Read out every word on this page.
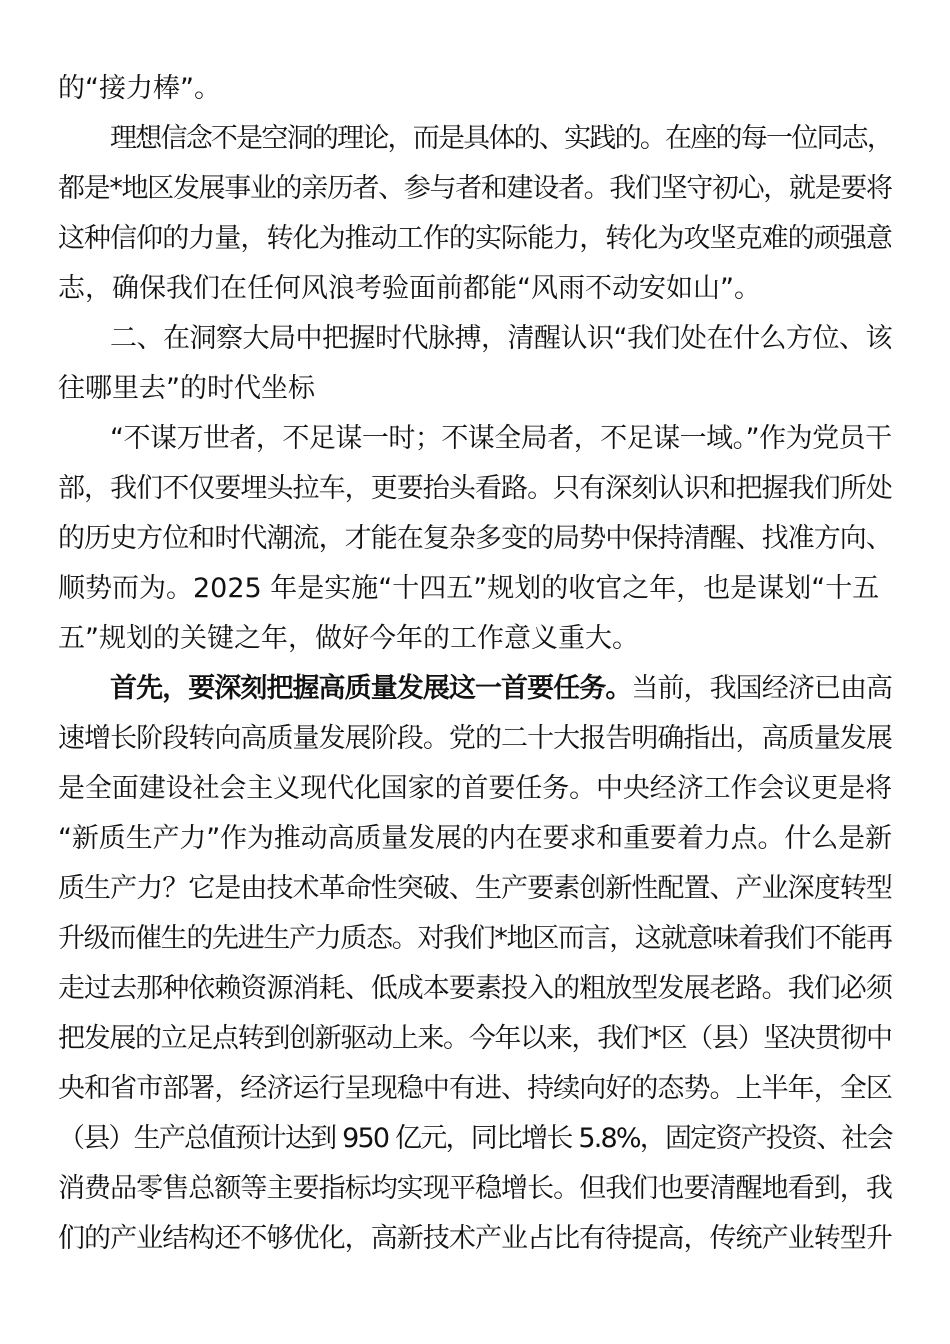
的“接力棒”。
理想信念不是空洞的理论，而是具体的、实践的。在座的每一位同志，
都是*地区发展事业的亲历者、参与者和建设者。我们坚守初心，就是要将
这种信仰的力量，转化为推动工作的实际能力，转化为攻坚克难的顽强意
志，确保我们在任何风浪考验面前都能“风雨不动安如山”。
二、在洞察大局中把握时代脉搏，清醒认识“我们处在什么方位、该
往哪里去”的时代坐标
“不谋万世者，不足谋一时；不谋全局者，不足谋一域。”作为党员干
部，我们不仅要埋头拉车，更要抬头看路。只有深刻认识和把握我们所处
的历史方位和时代潮流，才能在复杂多变的局势中保持清醒、找准方向、
顺势而为。2025 年是实施“十四五”规划的收官之年，也是谋划“十五
五”规划的关键之年，做好今年的工作意义重大。
首先，要深刻把握高质量发展这一首要任务。当前，我国经济已由高
速增长阶段转向高质量发展阶段。党的二十大报告明确指出，高质量发展
是全面建设社会主义现代化国家的首要任务。中央经济工作会议更是将
“新质生产力”作为推动高质量发展的内在要求和重要着力点。什么是新
质生产力？它是由技术革命性突破、生产要素创新性配置、产业深度转型
升级而催生的先进生产力质态。对我们*地区而言，这就意味着我们不能再
走过去那种依赖资源消耗、低成本要素投入的粗放型发展老路。我们必须
把发展的立足点转到创新驱动上来。今年以来，我们*区（县）坚决贯彻中
央和省市部署，经济运行呈现稳中有进、持续向好的态势。上半年，全区
（县）生产总值预计达到 950 亿元，同比增长 5.8%，固定资产投资、社会
消费品零售总额等主要指标均实现平稳增长。但我们也要清醒地看到，我
们的产业结构还不够优化，高新技术产业占比有待提高，传统产业转型升
